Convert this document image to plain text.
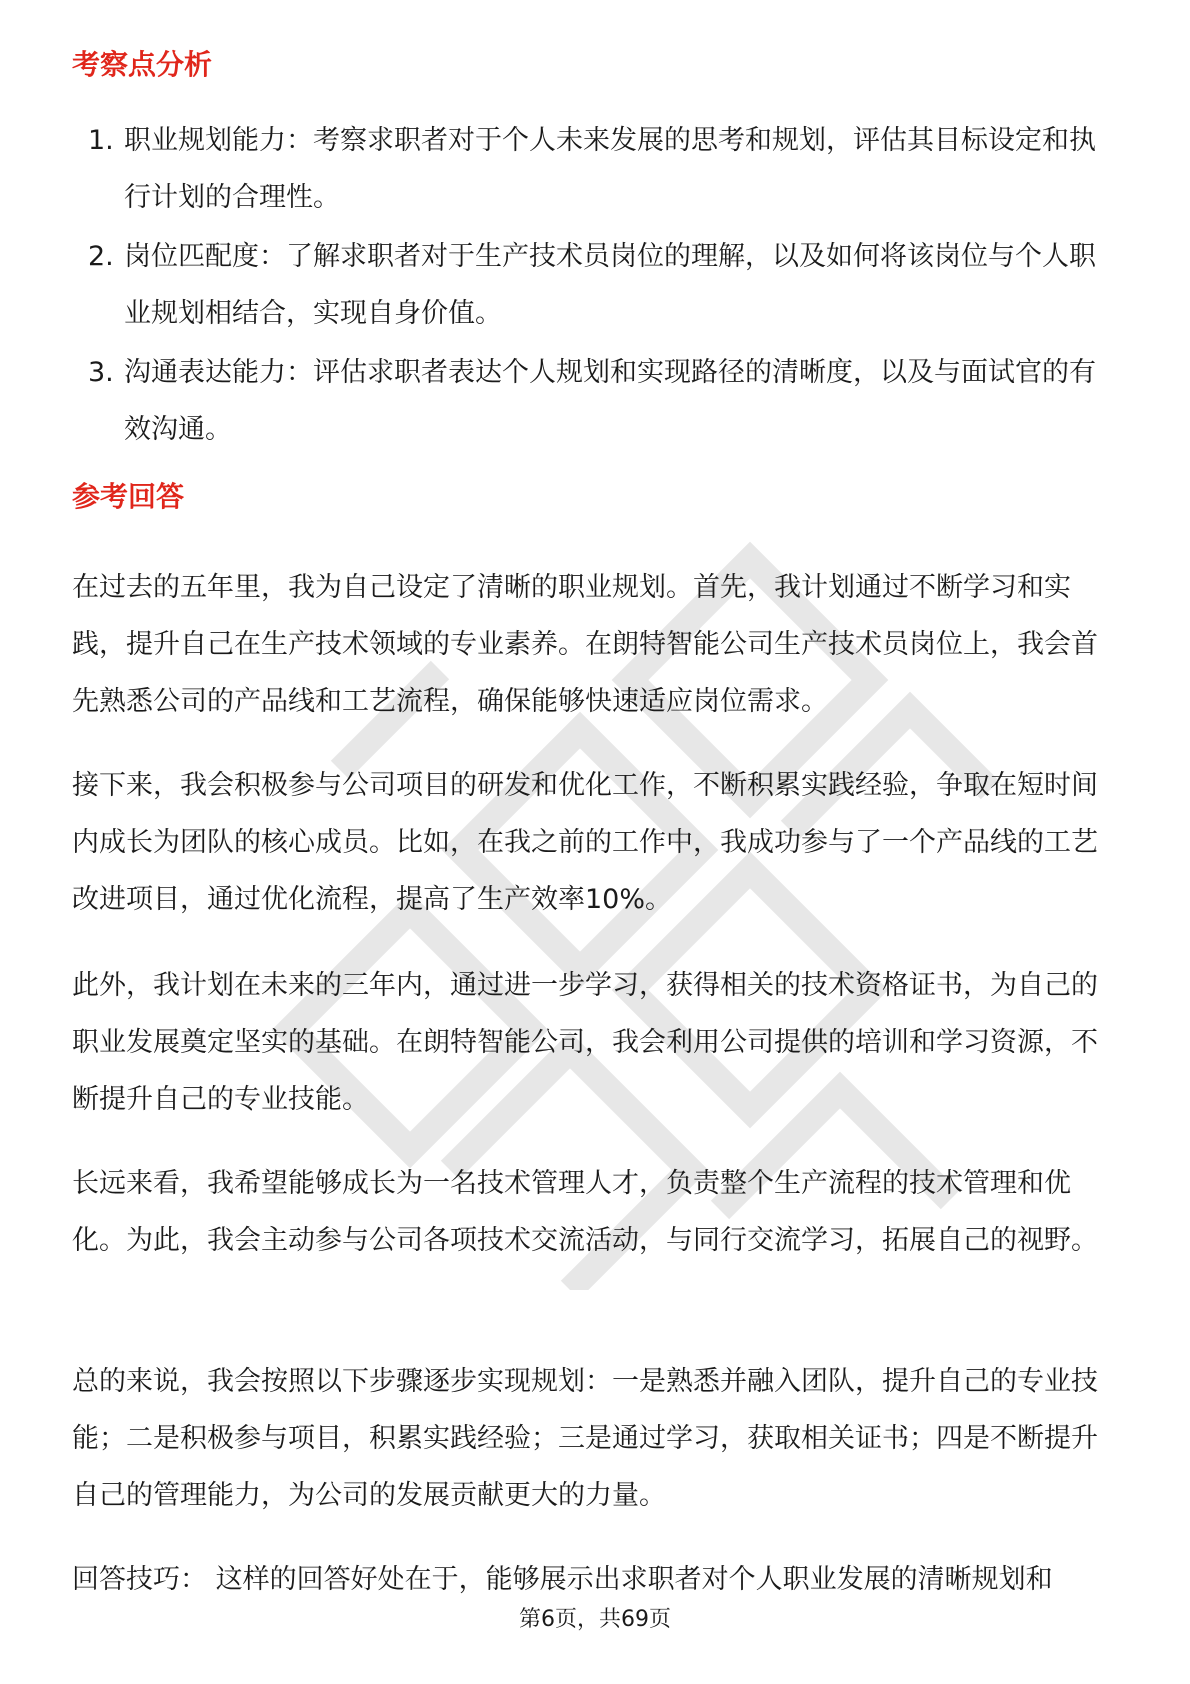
考察点分析
1. 职业规划能力：考察求职者对于个人未来发展的思考和规划，评估其目标设定和执行计划的合理性。
2. 岗位匹配度：了解求职者对于生产技术员岗位的理解，以及如何将该岗位与个人职业规划相结合，实现自身价值。
3. 沟通表达能力：评估求职者表达个人规划和实现路径的清晰度，以及与面试官的有效沟通。
参考回答

在过去的五年里，我为自己设定了清晰的职业规划。首先，我计划通过不断学习和实践，提升自己在生产技术领域的专业素养。在朗特智能公司生产技术员岗位上，我会首先熟悉公司的产品线和工艺流程，确保能够快速适应岗位需求。

接下来，我会积极参与公司项目的研发和优化工作，不断积累实践经验，争取在短时间内成长为团队的核心成员。比如，在我之前的工作中，我成功参与了一个产品线的工艺改进项目，通过优化流程，提高了生产效率10%。

此外，我计划在未来的三年内，通过进一步学习，获得相关的技术资格证书，为自己的职业发展奠定坚实的基础。在朗特智能公司，我会利用公司提供的培训和学习资源，不断提升自己的专业技能。

长远来看，我希望能够成长为一名技术管理人才，负责整个生产流程的技术管理和优化。为此，我会主动参与公司各项技术交流活动，与同行交流学习，拓展自己的视野。

总的来说，我会按照以下步骤逐步实现规划：一是熟悉并融入团队，提升自己的专业技能；二是积极参与项目，积累实践经验；三是通过学习，获取相关证书；四是不断提升自己的管理能力，为公司的发展贡献更大的力量。

回答技巧： 这样的回答好处在于，能够展示出求职者对个人职业发展的清晰规划和

第6页，共69页
